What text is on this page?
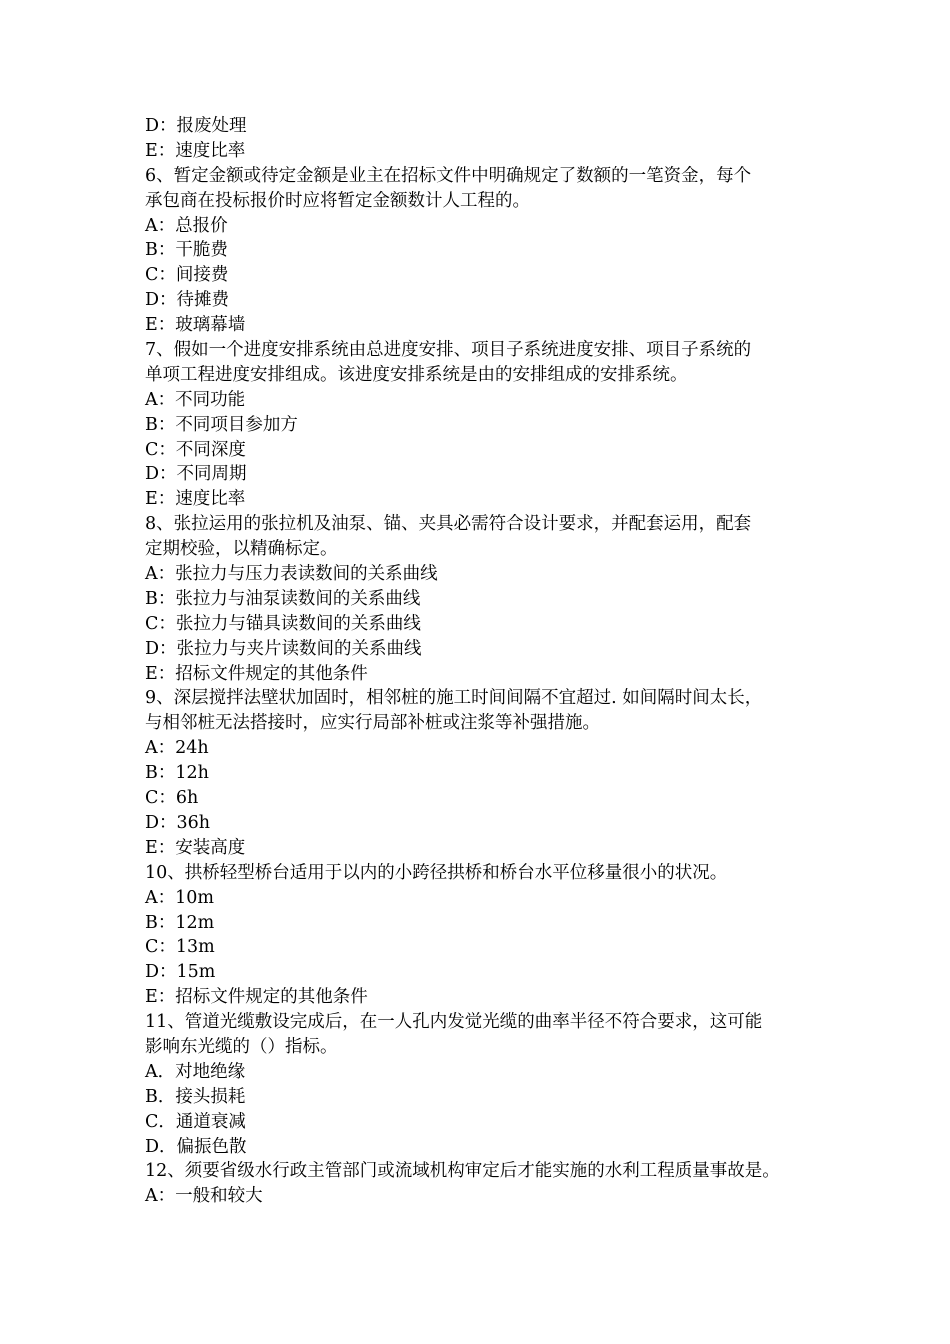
D：报废处理
E：速度比率
6、暂定金额或待定金额是业主在招标文件中明确规定了数额的一笔资金，每个
承包商在投标报价时应将暂定金额数计人工程的。
A：总报价
B：干脆费
C：间接费
D：待摊费
E：玻璃幕墙
7、假如一个进度安排系统由总进度安排、项目子系统进度安排、项目子系统的
单项工程进度安排组成。该进度安排系统是由的安排组成的安排系统。
A：不同功能
B：不同项目参加方
C：不同深度
D：不同周期
E：速度比率
8、张拉运用的张拉机及油泵、锚、夹具必需符合设计要求，并配套运用，配套
定期校验，以精确标定。
A：张拉力与压力表读数间的关系曲线
B：张拉力与油泵读数间的关系曲线
C：张拉力与锚具读数间的关系曲线
D：张拉力与夹片读数间的关系曲线
E：招标文件规定的其他条件
9、深层搅拌法壁状加固时，相邻桩的施工时间间隔不宜超过. 如间隔时间太长，
与相邻桩无法搭接时，应实行局部补桩或注浆等补强措施。
A：24h
B：12h
C：6h
D：36h
E：安装高度
10、拱桥轻型桥台适用于以内的小跨径拱桥和桥台水平位移量很小的状况。
A：10m
B：12m
C：13m
D：15m
E：招标文件规定的其他条件
11、管道光缆敷设完成后，在一人孔内发觉光缆的曲率半径不符合要求，这可能
影响东光缆的（）指标。
A．对地绝缘
B．接头损耗
C．通道衰减
D．偏振色散
12、须要省级水行政主管部门或流域机构审定后才能实施的水利工程质量事故是。
A：一般和较大
